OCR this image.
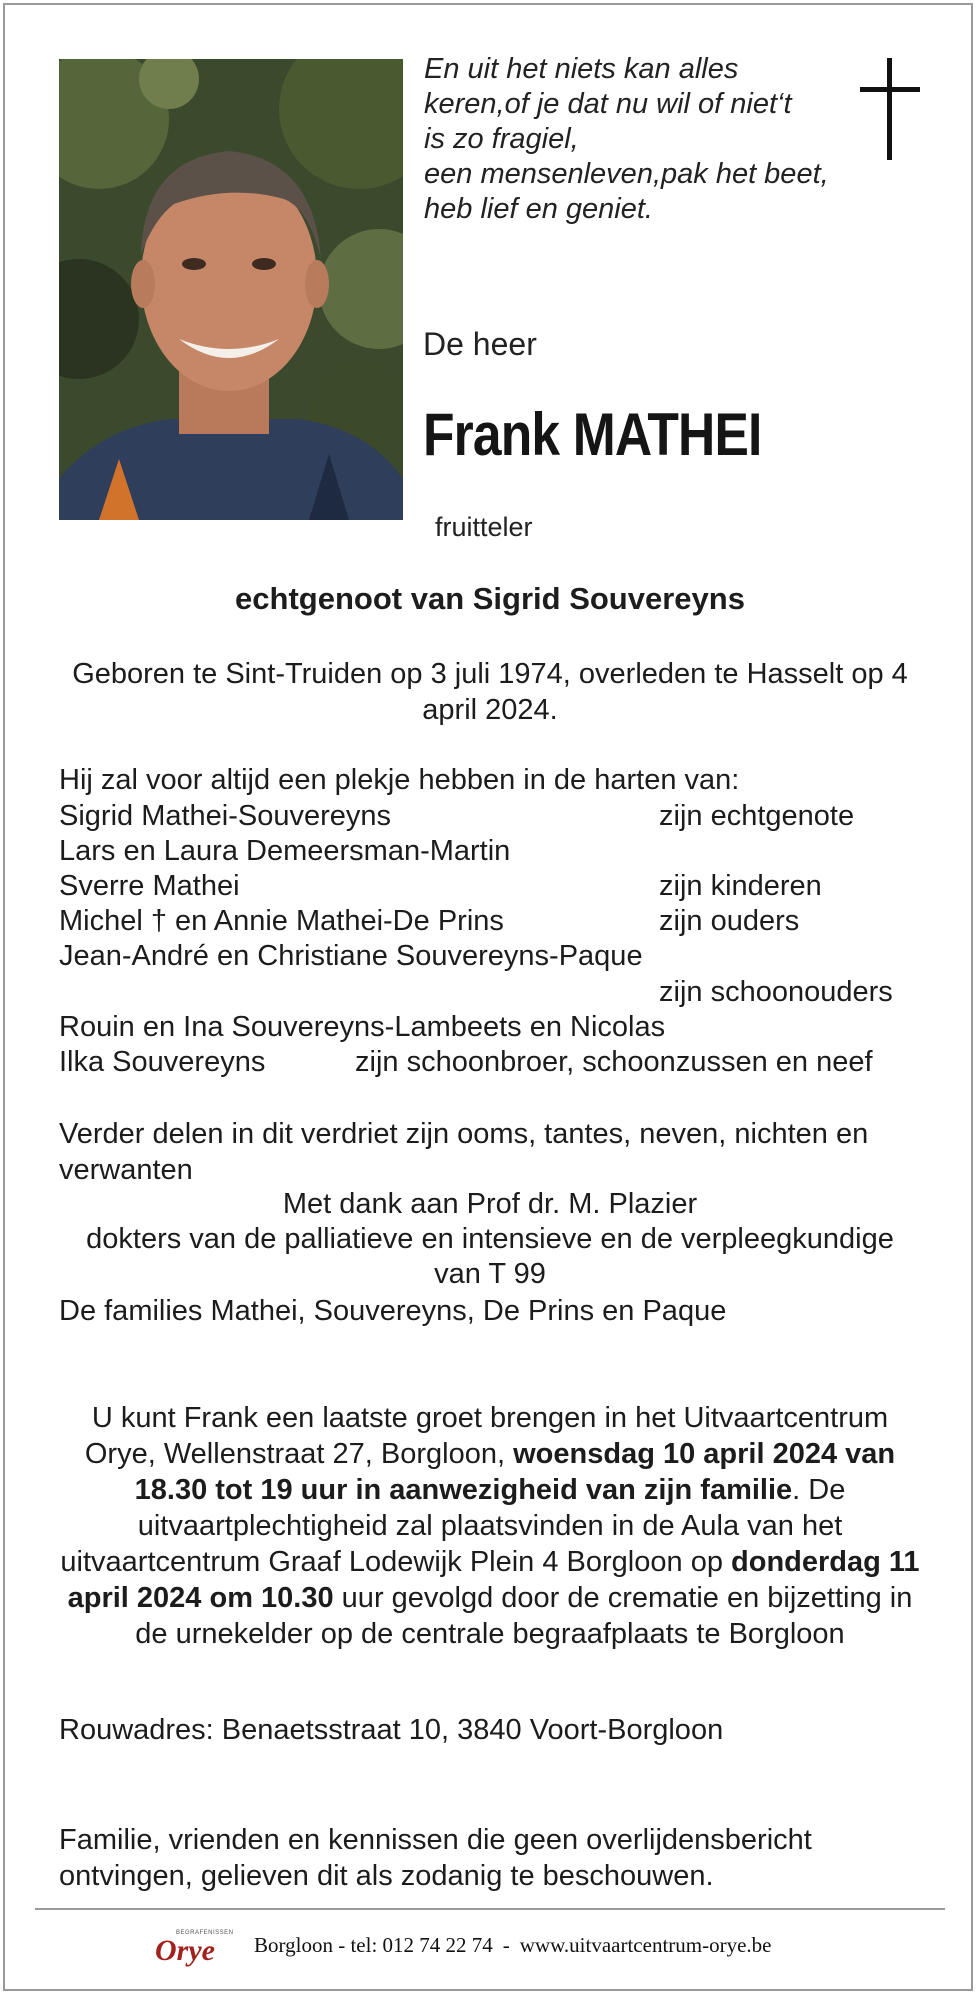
En uit het niets kan alles
keren,of je dat nu wil of niet‘t
is zo fragiel,
een mensenleven,pak het beet,
heb lief en geniet.
De heer
Frank MATHEI
fruitteler
echtgenoot van Sigrid Souvereyns
Geboren te Sint-Truiden op 3 juli 1974, overleden te Hasselt op 4 april 2024.
Hij zal voor altijd een plekje hebben in de harten van:
Sigrid Mathei-Souvereyns	zijn echtgenote
Lars en Laura Demeersman-Martin
Sverre Mathei	zijn kinderen
Michel † en Annie Mathei-De Prins	zijn ouders
Jean-André en Christiane Souvereyns-Paque
zijn schoonouders
Rouin en Ina Souvereyns-Lambeets en Nicolas
Ilka Souvereyns	zijn schoonbroer, schoonzussen en neef
Verder delen in dit verdriet zijn ooms, tantes, neven, nichten en verwanten
Met dank aan Prof dr. M. Plazier
dokters van de palliatieve en intensieve en de verpleegkundige
van T 99
De families Mathei, Souvereyns, De Prins en Paque
U kunt Frank een laatste groet brengen in het Uitvaartcentrum Orye, Wellenstraat 27, Borgloon, woensdag 10 april 2024 van 18.30 tot 19 uur in aanwezigheid van zijn familie. De uitvaartplechtigheid zal plaatsvinden in de Aula van het uitvaartcentrum Graaf Lodewijk Plein 4 Borgloon op donderdag 11 april 2024 om 10.30 uur gevolgd door de crematie en bijzetting in de urnekelder op de centrale begraafplaats te Borgloon
Rouwadres: Benaetsstraat 10, 3840 Voort-Borgloon
Familie, vrienden en kennissen die geen overlijdensbericht ontvingen, gelieven dit als zodanig te beschouwen.
BEGRAFENISSEN
Orye Borgloon - tel: 012 74 22 74 - www.uitvaartcentrum-orye.be
